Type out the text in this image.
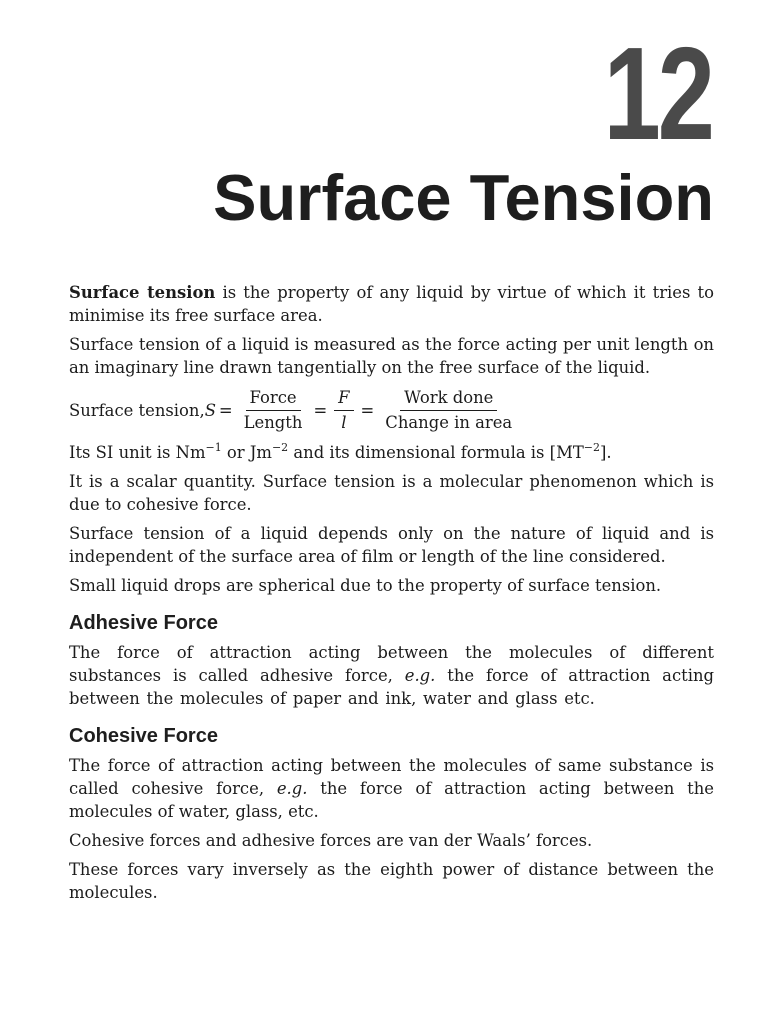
12
Surface Tension

Surface tension is the property of any liquid by virtue of which it tries to minimise its free surface area.

Surface tension of a liquid is measured as the force acting per unit length on an imaginary line drawn tangentially on the free surface of the liquid.

Surface tension, $S = \frac{\text{Force}}{\text{Length}} = \frac{F}{l} = \frac{\text{Work done}}{\text{Change in area}}$

Its SI unit is $Nm^{-1}$ or $Jm^{-2}$ and its dimensional formula is $[MT^{-2}]$.

It is a scalar quantity. Surface tension is a molecular phenomenon which is due to cohesive force.

Surface tension of a liquid depends only on the nature of liquid and is independent of the surface area of film or length of the line considered.

Small liquid drops are spherical due to the property of surface tension.

Adhesive Force

The force of attraction acting between the molecules of different substances is called adhesive force, e.g. the force of attraction acting between the molecules of paper and ink, water and glass etc.

Cohesive Force

The force of attraction acting between the molecules of same substance is called cohesive force, e.g. the force of attraction acting between the molecules of water, glass, etc.

Cohesive forces and adhesive forces are van der Waals’ forces.

These forces vary inversely as the eighth power of distance between the molecules.
